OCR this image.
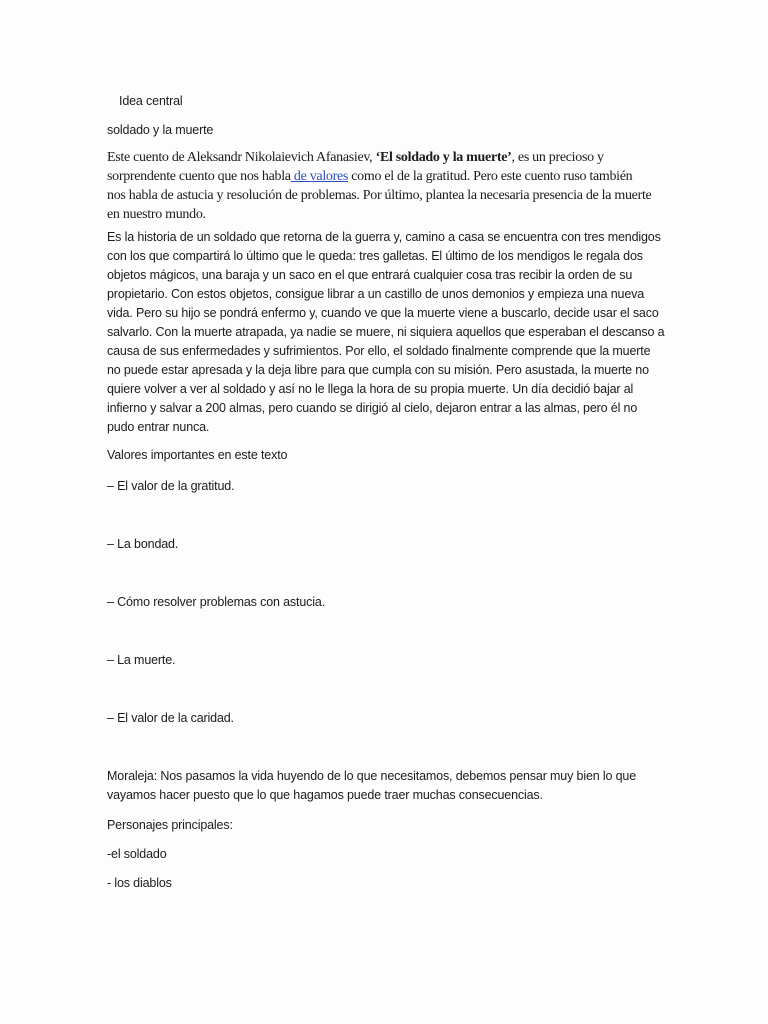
Idea central

soldado y la muerte

Este cuento de Aleksandr Nikolaievich Afanasiev, ‘El soldado y la muerte’, es un precioso y sorprendente cuento que nos habla de valores como el de la gratitud. Pero este cuento ruso también nos habla de astucia y resolución de problemas. Por último, plantea la necesaria presencia de la muerte en nuestro mundo.

Es la historia de un soldado que retorna de la guerra y, camino a casa se encuentra con tres mendigos con los que compartirá lo último que le queda: tres galletas. El último de los mendigos le regala dos objetos mágicos, una baraja y un saco en el que entrará cualquier cosa tras recibir la orden de su propietario. Con estos objetos, consigue librar a un castillo de unos demonios y empieza una nueva vida. Pero su hijo se pondrá enfermo y, cuando ve que la muerte viene a buscarlo, decide usar el saco salvarlo. Con la muerte atrapada, ya nadie se muere, ni siquiera aquellos que esperaban el descanso a causa de sus enfermedades y sufrimientos. Por ello, el soldado finalmente comprende que la muerte no puede estar apresada y la deja libre para que cumpla con su misión. Pero asustada, la muerte no quiere volver a ver al soldado y así no le llega la hora de su propia muerte. Un día decidió bajar al infierno y salvar a 200 almas, pero cuando se dirigió al cielo, dejaron entrar a las almas, pero él no pudo entrar nunca.

Valores importantes en este texto

– El valor de la gratitud.

– La bondad.

– Cómo resolver problemas con astucia.

– La muerte.

– El valor de la caridad.

Moraleja: Nos pasamos la vida huyendo de lo que necesitamos, debemos pensar muy bien lo que vayamos hacer puesto que lo que hagamos puede traer muchas consecuencias.

Personajes principales:

-el soldado

- los diablos
